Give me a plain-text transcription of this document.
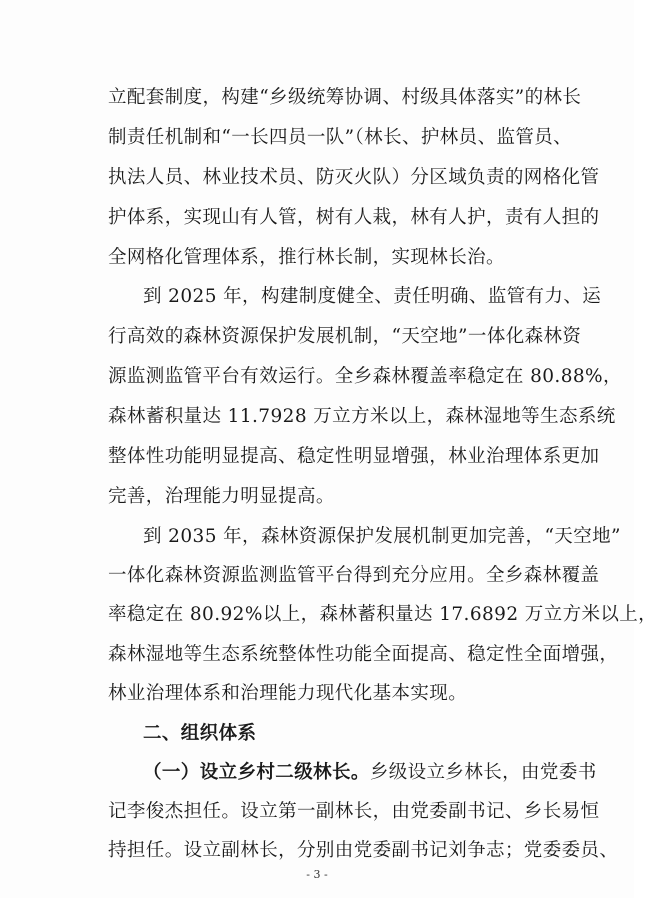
立配套制度，构建“乡级统筹协调、村级具体落实”的林长
制责任机制和“一长四员一队”（林长、护林员、监管员、
执法人员、林业技术员、防灭火队）分区域负责的网格化管
护体系，实现山有人管，树有人栽，林有人护，责有人担的
全网格化管理体系，推行林长制，实现林长治。
到 2025 年，构建制度健全、责任明确、监管有力、运
行高效的森林资源保护发展机制，“天空地”一体化森林资
源监测监管平台有效运行。全乡森林覆盖率稳定在 80.88%，
森林蓄积量达 11.7928 万立方米以上，森林湿地等生态系统
整体性功能明显提高、稳定性明显增强，林业治理体系更加
完善，治理能力明显提高。
到 2035 年，森林资源保护发展机制更加完善，“天空地”
一体化森林资源监测监管平台得到充分应用。全乡森林覆盖
率稳定在 80.92%以上，森林蓄积量达 17.6892 万立方米以上，
森林湿地等生态系统整体性功能全面提高、稳定性全面增强，
林业治理体系和治理能力现代化基本实现。
二、组织体系
（一）设立乡村二级林长。乡级设立乡林长，由党委书
记李俊杰担任。设立第一副林长，由党委副书记、乡长易恒
持担任。设立副林长，分别由党委副书记刘争志；党委委员、
- 3 -
